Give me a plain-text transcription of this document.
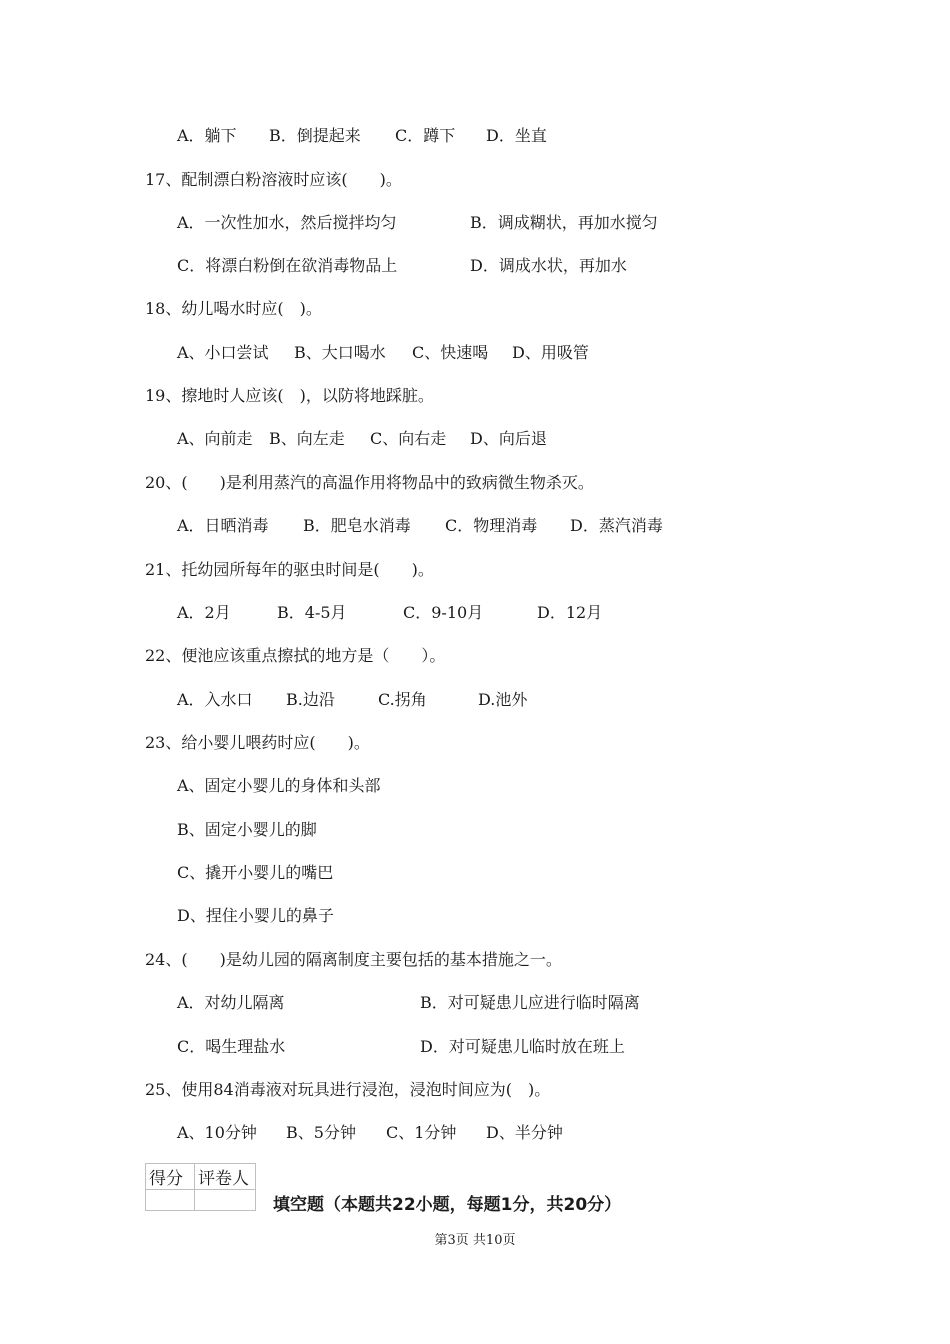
A．躺下 B．倒提起来 C．蹲下 D．坐直
17、配制漂白粉溶液时应该(　　)。
A．一次性加水，然后搅拌均匀	B．调成糊状，再加水搅匀
C．将漂白粉倒在欲消毒物品上	D．调成水状，再加水
18、幼儿喝水时应(　)。
A、小口尝试 B、大口喝水 C、快速喝 D、用吸管
19、擦地时人应该(　)，以防将地踩脏。
A、向前走 B、向左走 C、向右走 D、向后退
20、(　　)是利用蒸汽的高温作用将物品中的致病微生物杀灭。
A．日晒消毒 B．肥皂水消毒 C．物理消毒 D．蒸汽消毒
21、托幼园所每年的驱虫时间是(　　)。
A．2月	B．4-5月	C．9-10月	D．12月
22、便池应该重点擦拭的地方是（　　）。
A．入水口 B.边沿	C.拐角	D.池外
23、给小婴儿喂药时应(　　)。
A、固定小婴儿的身体和头部
B、固定小婴儿的脚
C、撬开小婴儿的嘴巴
D、捏住小婴儿的鼻子
24、(　　)是幼儿园的隔离制度主要包括的基本措施之一。
A．对幼儿隔离	B．对可疑患儿应进行临时隔离
C．喝生理盐水	D．对可疑患儿临时放在班上
25、使用84消毒液对玩具进行浸泡，浸泡时间应为(　)。
A、10分钟 B、5分钟 C、1分钟 D、半分钟
得分	评卷人

填空题（本题共22小题，每题1分，共20分）
第3页 共10页
